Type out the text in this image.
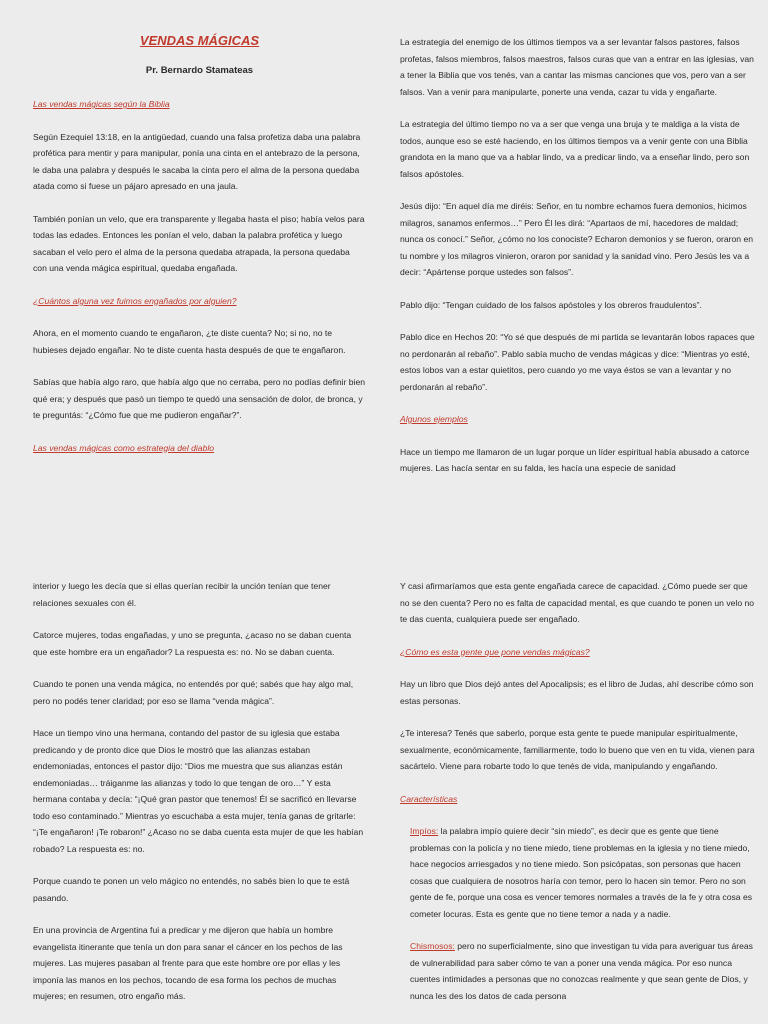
VENDAS MÁGICAS
Pr. Bernardo Stamateas
Las vendas mágicas según la Biblia
Según Ezequiel 13:18, en la antigüedad, cuando una falsa profetiza daba una palabra profética para mentir y para manipular, ponía una cinta en el antebrazo de la persona, le daba una palabra y después le sacaba la cinta pero el alma de la persona quedaba atada como si fuese un pájaro apresado en una jaula.
También ponían un velo, que era transparente y llegaba hasta el piso; había velos para todas las edades. Entonces les ponían el velo, daban la palabra profética y luego sacaban el velo pero el alma de la persona quedaba atrapada, la persona quedaba con una venda mágica espiritual, quedaba engañada.
¿Cuántos alguna vez fuimos engañados por alguien?
Ahora, en el momento cuando te engañaron, ¿te diste cuenta? No; si no, no te hubieses dejado engañar. No te diste cuenta hasta después de que te engañaron.
Sabías que había algo raro, que había algo que no cerraba, pero no podías definir bien qué era; y después que pasó un tiempo te quedó una sensación de dolor, de bronca, y te preguntás: “¿Cómo fue que me pudieron engañar?”.
Las vendas mágicas como estrategia del diablo
La estrategia del enemigo de los últimos tiempos va a ser levantar falsos pastores, falsos profetas, falsos miembros, falsos maestros, falsos curas que van a entrar en las iglesias, van a tener la Biblia que vos tenés, van a cantar las mismas canciones que vos, pero van a ser falsos. Van a venir para manipularte, ponerte una venda, cazar tu vida y engañarte.
La estrategia del último tiempo no va a ser que venga una bruja y te maldiga a la vista de todos, aunque eso se esté haciendo, en los últimos tiempos va a venir gente con una Biblia grandota en la mano que va a hablar lindo, va a predicar lindo, va a enseñar lindo, pero son falsos apóstoles.
Jesús dijo: “En aquel día me diréis: Señor, en tu nombre echamos fuera demonios, hicimos milagros, sanamos enfermos…” Pero Él les dirá: “Apartaos de mí, hacedores de maldad; nunca os conocí.” Señor, ¿cómo no los conociste? Echaron demonios y se fueron, oraron en tu nombre y los milagros vinieron, oraron por sanidad y la sanidad vino. Pero Jesús les va a decir: “Apártense porque ustedes son falsos”.
Pablo dijo: “Tengan cuidado de los falsos apóstoles y los obreros fraudulentos”.
Pablo dice en Hechos 20: “Yo sé que después de mi partida se levantarán lobos rapaces que no perdonarán al rebaño”. Pablo sabía mucho de vendas mágicas y dice: “Mientras yo esté, estos lobos van a estar quietitos, pero cuando yo me vaya éstos se van a levantar y no perdonarán al rebaño”.
Algunos ejemplos
Hace un tiempo me llamaron de un lugar porque un líder espiritual había abusado a catorce mujeres. Las hacía sentar en su falda, les hacía una especie de sanidad
interior y luego les decía que si ellas querían recibir la unción tenían que tener relaciones sexuales con él.
Catorce mujeres, todas engañadas, y uno se pregunta, ¿acaso no se daban cuenta que este hombre era un engañador? La respuesta es: no. No se daban cuenta.
Cuando te ponen una venda mágica, no entendés por qué; sabés que hay algo mal, pero no podés tener claridad; por eso se llama “venda mágica”.
Hace un tiempo vino una hermana, contando del pastor de su iglesia que estaba predicando y de pronto dice que Dios le mostró que las alianzas estaban endemoniadas, entonces el pastor dijo: “Dios me muestra que sus alianzas están endemoniadas… tráiganme las alianzas y todo lo que tengan de oro…” Y esta hermana contaba y decía: “¡Qué gran pastor que tenemos! Él se sacrificó en llevarse todo eso contaminado.” Mientras yo escuchaba a esta mujer, tenía ganas de gritarle: “¡Te engañaron! ¡Te robaron!” ¿Acaso no se daba cuenta esta mujer de que les habían robado? La respuesta es: no.
Porque cuando te ponen un velo mágico no entendés, no sabés bien lo que te está pasando.
En una provincia de Argentina fui a predicar y me dijeron que había un hombre evangelista itinerante que tenía un don para sanar el cáncer en los pechos de las mujeres. Las mujeres pasaban al frente para que este hombre ore por ellas y les imponía las manos en los pechos, tocando de esa forma los pechos de muchas mujeres; en resumen, otro engaño más.
Y casi afirmaríamos que esta gente engañada carece de capacidad. ¿Cómo puede ser que no se den cuenta? Pero no es falta de capacidad mental, es que cuando te ponen un velo no te das cuenta, cualquiera puede ser engañado.
¿Cómo es esta gente que pone vendas mágicas?
Hay un libro que Dios dejó antes del Apocalipsis; es el libro de Judas, ahí describe cómo son estas personas.
¿Te interesa? Tenés que saberlo, porque esta gente te puede manipular espiritualmente, sexualmente, económicamente, familiarmente, todo lo bueno que ven en tu vida, vienen para sacártelo. Viene para robarte todo lo que tenés de vida, manipulando y engañando.
Características
Impíos: la palabra impío quiere decir “sin miedo”, es decir que es gente que tiene problemas con la policía y no tiene miedo, tiene problemas en la iglesia y no tiene miedo, hace negocios arriesgados y no tiene miedo. Son psicópatas, son personas que hacen cosas que cualquiera de nosotros haría con temor, pero lo hacen sin temor. Pero no son gente de fe, porque una cosa es vencer temores normales a través de la fe y otra cosa es cometer locuras. Esta es gente que no tiene temor a nada y a nadie.
Chismosos: pero no superficialmente, sino que investigan tu vida para averiguar tus áreas de vulnerabilidad para saber cómo te van a poner una venda mágica. Por eso nunca cuentes intimidades a personas que no conozcas realmente y que sean gente de Dios, y nunca les des los datos de cada persona
